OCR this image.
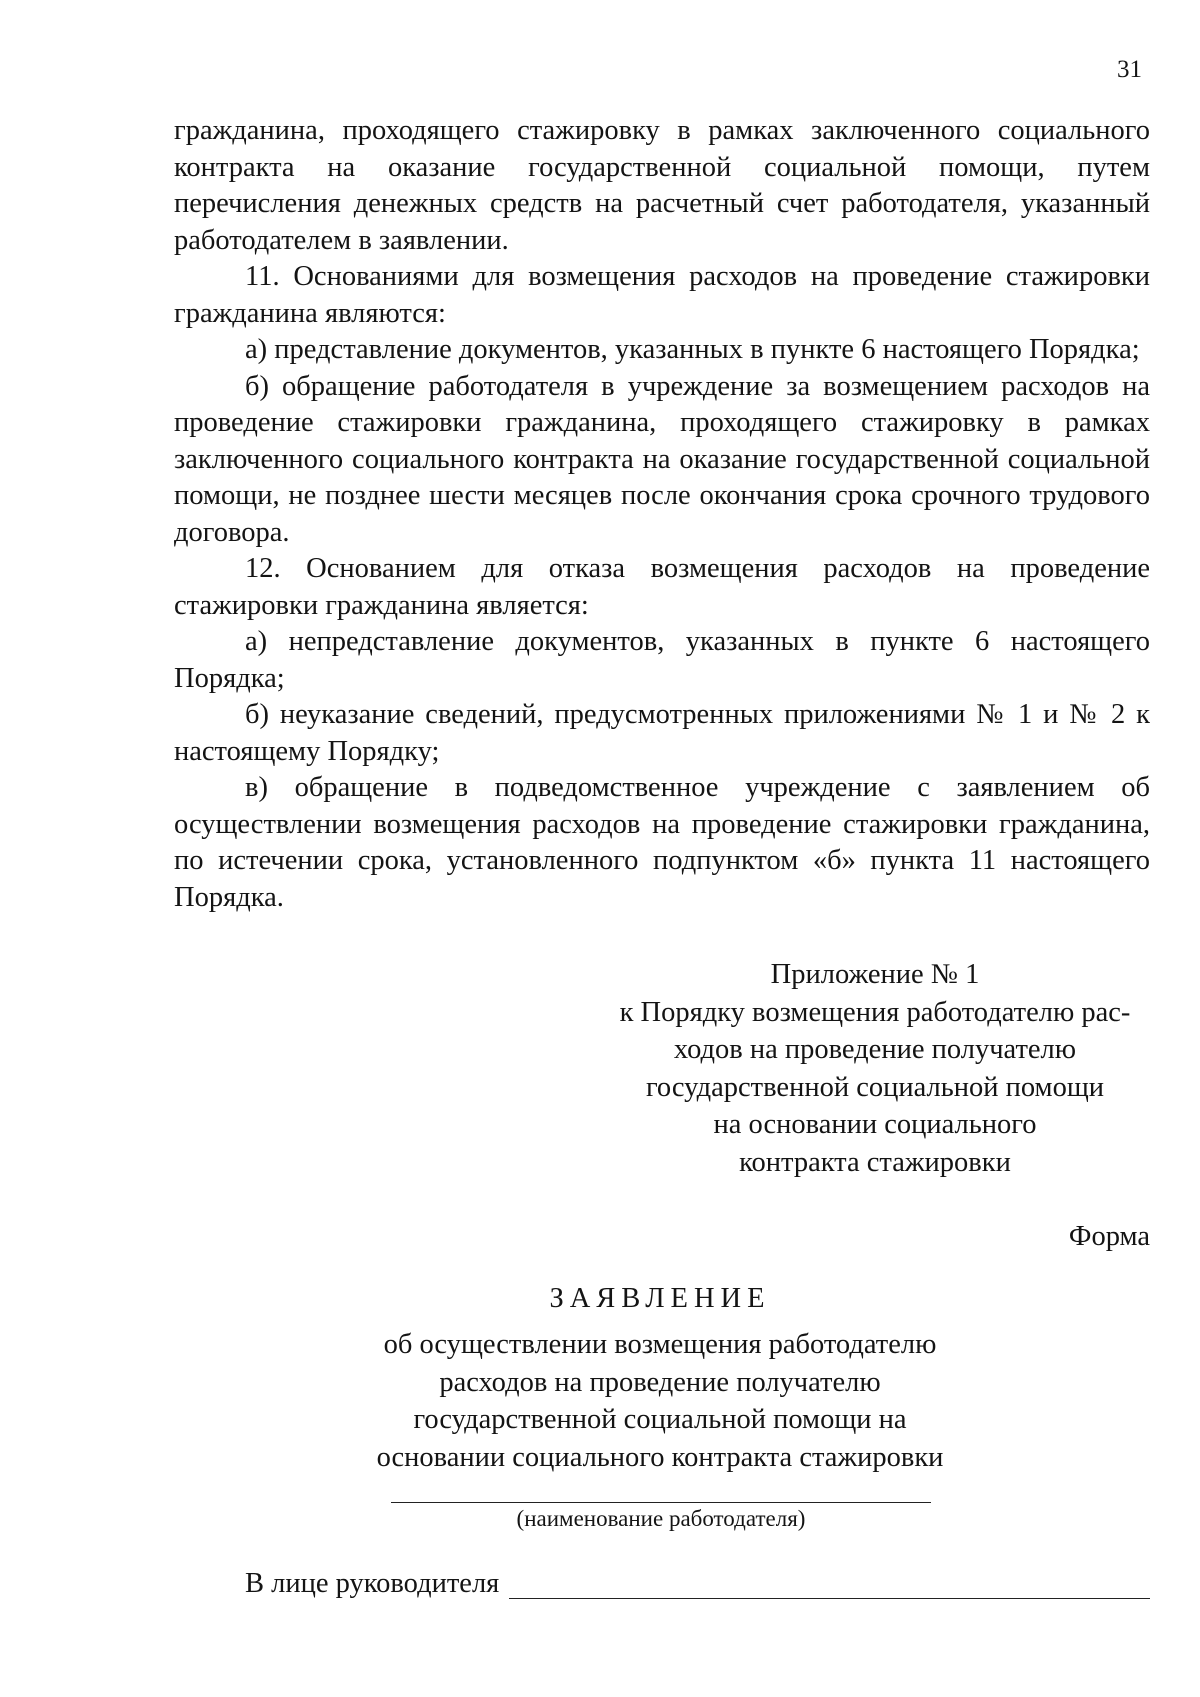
31

гражданина, проходящего стажировку в рамках заключенного социального контракта на оказание государственной социальной помощи, путем перечисления денежных средств на расчетный счет работодателя, указанный работодателем в заявлении.

11. Основаниями для возмещения расходов на проведение стажировки гражданина являются:

а) представление документов, указанных в пункте 6 настоящего Порядка;

б) обращение работодателя в учреждение за возмещением расходов на проведение стажировки гражданина, проходящего стажировку в рамках заключенного социального контракта на оказание государственной социальной помощи, не позднее шести месяцев после окончания срока срочного трудового договора.

12. Основанием для отказа возмещения расходов на проведение стажировки гражданина является:

а) непредставление документов, указанных в пункте 6 настоящего Порядка;

б) неуказание сведений, предусмотренных приложениями № 1 и № 2 к настоящему Порядку;

в) обращение в подведомственное учреждение с заявлением об осуществлении возмещения расходов на проведение стажировки гражданина, по истечении срока, установленного подпунктом «б» пункта 11 настоящего Порядка.

Приложение № 1
к Порядку возмещения работодателю рас-
ходов на проведение получателю
государственной социальной помощи
на основании социального
контракта стажировки
Форма
ЗАЯВЛЕНИЕ
об осуществлении возмещения работодателю
расходов на проведение получателю
государственной социальной помощи на
основании социального контракта стажировки
(наименование работодателя)
В лице руководителя
